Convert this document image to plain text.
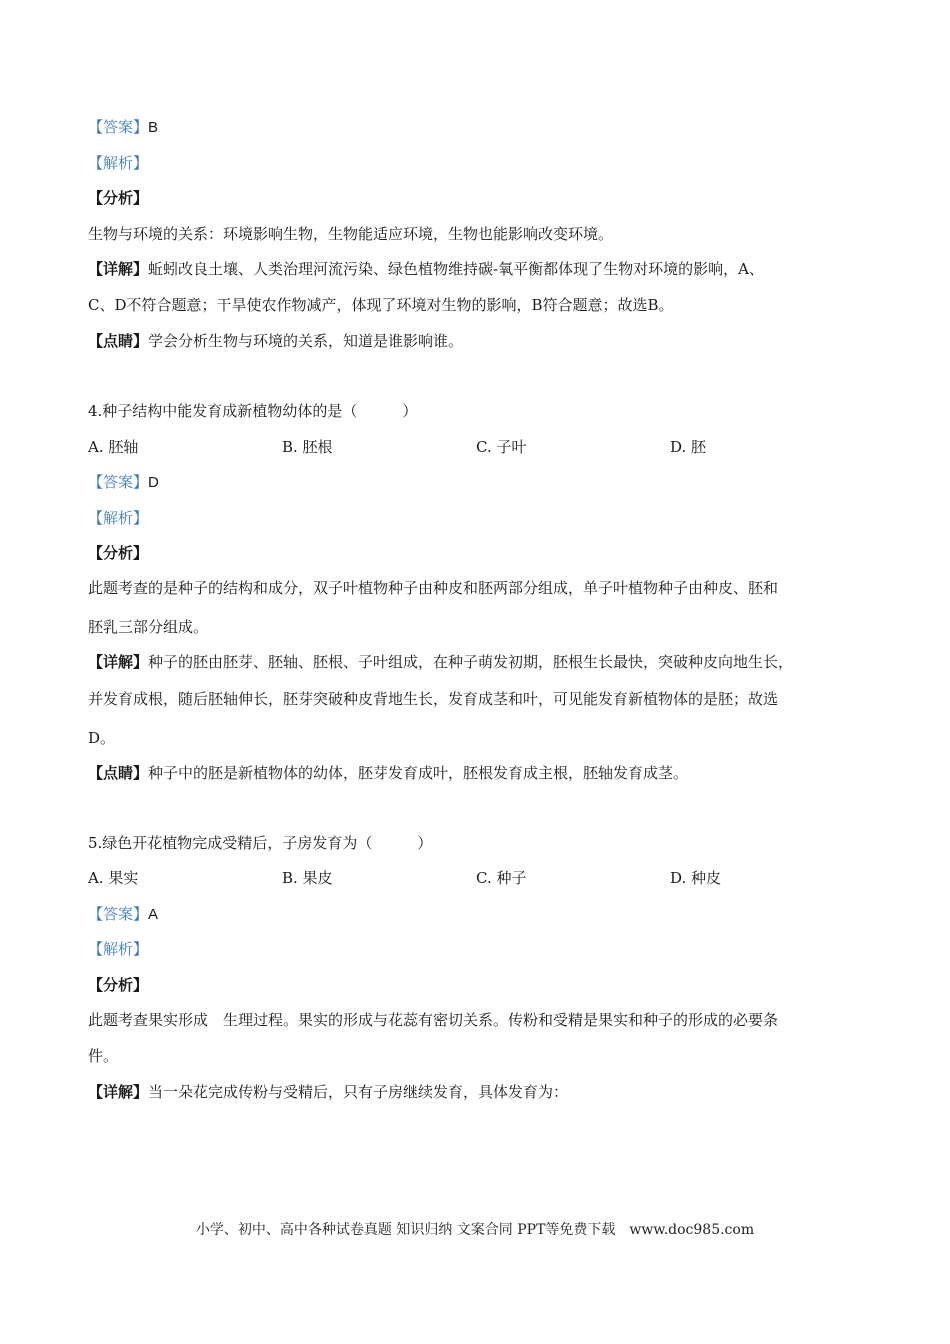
【答案】B
【解析】
【分析】
生物与环境的关系：环境影响生物，生物能适应环境，生物也能影响改变环境。
【详解】蚯蚓改良土壤、人类治理河流污染、绿色植物维持碳-氧平衡都体现了生物对环境的影响，A、
C、D不符合题意；干旱使农作物减产，体现了环境对生物的影响，B符合题意；故选B。
【点睛】学会分析生物与环境的关系，知道是谁影响谁。
4.种子结构中能发育成新植物幼体的是（　　　）
A. 胚轴	B. 胚根	C. 子叶	D. 胚
【答案】D
【解析】
【分析】
此题考查的是种子的结构和成分，双子叶植物种子由种皮和胚两部分组成，单子叶植物种子由种皮、胚和
胚乳三部分组成。
【详解】种子的胚由胚芽、胚轴、胚根、子叶组成，在种子萌发初期，胚根生长最快，突破种皮向地生长，
并发育成根，随后胚轴伸长，胚芽突破种皮背地生长，发育成茎和叶，可见能发育新植物体的是胚；故选
D。
【点睛】种子中的胚是新植物体的幼体，胚芽发育成叶，胚根发育成主根，胚轴发育成茎。
5.绿色开花植物完成受精后，子房发育为（　　　）
A. 果实	B. 果皮	C. 种子	D. 种皮
【答案】A
【解析】
【分析】
此题考查果实形成　生理过程。果实的形成与花蕊有密切关系。传粉和受精是果实和种子的形成的必要条
件。
【详解】当一朵花完成传粉与受精后，只有子房继续发育，具体发育为：
小学、初中、高中各种试卷真题 知识归纳 文案合同 PPT等免费下载　www.doc985.com
